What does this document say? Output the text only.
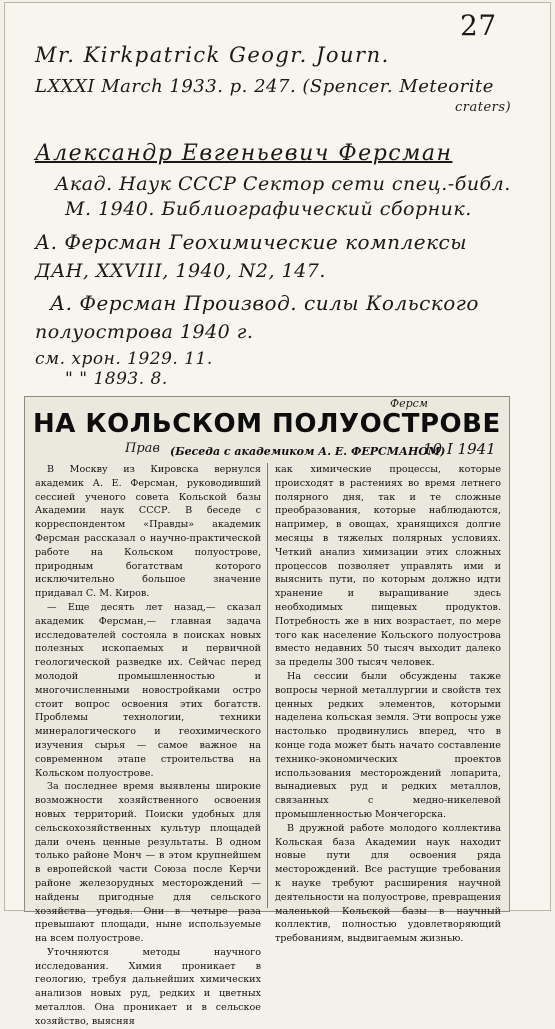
27
Mr. Kirkpatrick Geogr. Journ.
LXXXI March 1933. p. 247. (Spencer. Meteorite
craters)
Александр Евгеньевич Ферсман
Акад. Наук СССР Сектор сети спец.-библ.
М. 1940. Библиографический сборник.
А. Ферсман Геохимические комплексы
ДАН, XXVIII, 1940, N2, 147.
А. Ферсман Производ. силы Кольского
полуострова 1940 г.
см. хрон. 1929. 11.
" " 1893. 8.
Ферсм
НА КОЛЬСКОМ ПОЛУОСТРОВЕ
Прав (Беседа с академиком А. Е. ФЕРСМАНОМ)
10 I 1941

В Москву из Кировска вернулся академик А. Е. Ферсман, руководивший сессией ученого совета Кольской базы Академии наук СССР. В беседе с корреспондентом «Правды» академик Ферсман рассказал о научно-практической работе на Кольском полуострове, природным богатствам которого исключительно большое значение придавал С. М. Киров.

— Еще десять лет назад,— сказал академик Ферсман,— главная задача исследователей состояла в поисках новых полезных ископаемых и первичной геологической разведке их. Сейчас перед молодой промышленностью и многочисленными новостройками остро стоит вопрос освоения этих богатств. Проблемы технологии, техники минералогического и геохимического изучения сырья — самое важное на современном этапе строительства на Кольском полуострове.

За последнее время выявлены широкие возможности хозяйственного освоения новых территорий. Поиски удобных для сельскохозяйственных культур площадей дали очень ценные результаты. В одном только районе Монч — в этом крупнейшем в европейской части Союза после Керчи районе железорудных месторождений — найдены пригодные для сельского хозяйства угодья. Они в четыре раза превышают площади, ныне используемые на всем полуострове.

Уточняются методы научного исследования. Химия проникает в геологию, требуя дальнейших химических анализов новых руд, редких и цветных металлов. Она проникает и в сельское хозяйство, выясняя

как химические процессы, которые происходят в растениях во время летнего полярного дня, так и те сложные преобразования, которые наблюдаются, например, в овощах, хранящихся долгие месяцы в тяжелых полярных условиях. Четкий анализ химизации этих сложных процессов позволяет управлять ими и выяснить пути, по которым должно идти хранение и выращивание здесь необходимых пищевых продуктов. Потребность же в них возрастает, по мере того как население Кольского полуострова вместо недавних 50 тысяч выходит далеко за пределы 300 тысяч человек.

На сессии были обсуждены также вопросы черной металлургии и свойств тех ценных редких элементов, которыми наделена кольская земля. Эти вопросы уже настолько продвинулись вперед, что в конце года может быть начато составление технико-экономических проектов использования месторождений лопарита, вынадиевых руд и редких металлов, связанных с медно-никелевой промышленностью Мончегорска.

В дружной работе молодого коллектива Кольская база Академии наук находит новые пути для освоения ряда месторождений. Все растущие требования к науке требуют расширения научной деятельности на полуострове, превращения маленькой Кольской базы в научный коллектив, полностью удовлетворяющий требованиям, выдвигаемым жизнью.
